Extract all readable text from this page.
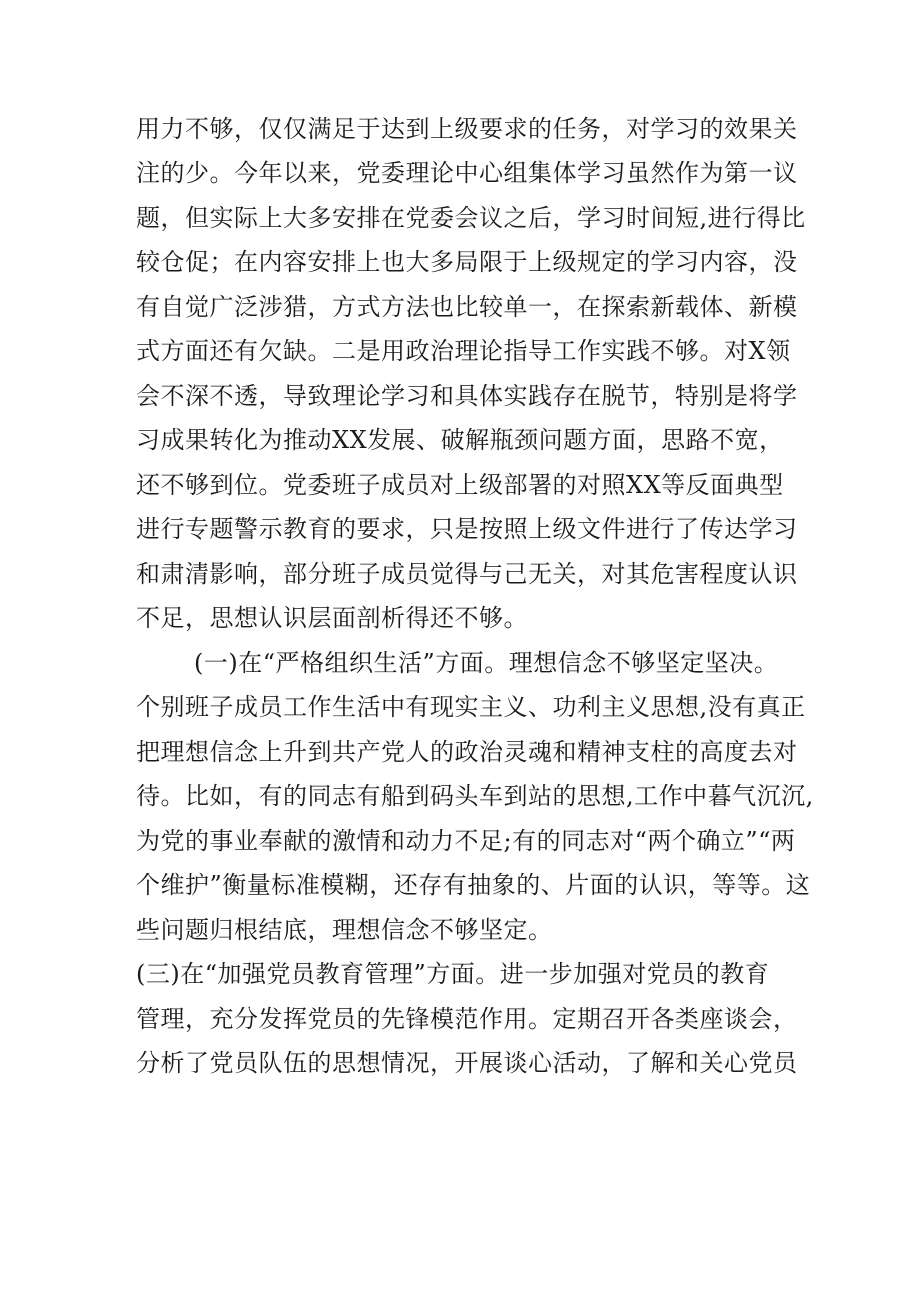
用力不够，仅仅满足于达到上级要求的任务，对学习的效果关
注的少。今年以来，党委理论中心组集体学习虽然作为第一议
题，但实际上大多安排在党委会议之后，学习时间短,进行得比
较仓促；在内容安排上也大多局限于上级规定的学习内容，没
有自觉广泛涉猎，方式方法也比较单一，在探索新载体、新模
式方面还有欠缺。二是用政治理论指导工作实践不够。对X领
会不深不透，导致理论学习和具体实践存在脱节，特别是将学
习成果转化为推动XX发展、破解瓶颈问题方面，思路不宽，
还不够到位。党委班子成员对上级部署的对照XX等反面典型
进行专题警示教育的要求，只是按照上级文件进行了传达学习
和肃清影响，部分班子成员觉得与己无关，对其危害程度认识
不足，思想认识层面剖析得还不够。
(一)在“严格组织生活”方面。理想信念不够坚定坚决。
个别班子成员工作生活中有现实主义、功利主义思想,没有真正
把理想信念上升到共产党人的政治灵魂和精神支柱的高度去对
待。比如，有的同志有船到码头车到站的思想,工作中暮气沉沉,
为党的事业奉献的激情和动力不足;有的同志对“两个确立”“两
个维护”衡量标准模糊，还存有抽象的、片面的认识，等等。这
些问题归根结底，理想信念不够坚定。
(三)在“加强党员教育管理”方面。进一步加强对党员的教育
管理，充分发挥党员的先锋模范作用。定期召开各类座谈会，
分析了党员队伍的思想情况，开展谈心活动，了解和关心党员
